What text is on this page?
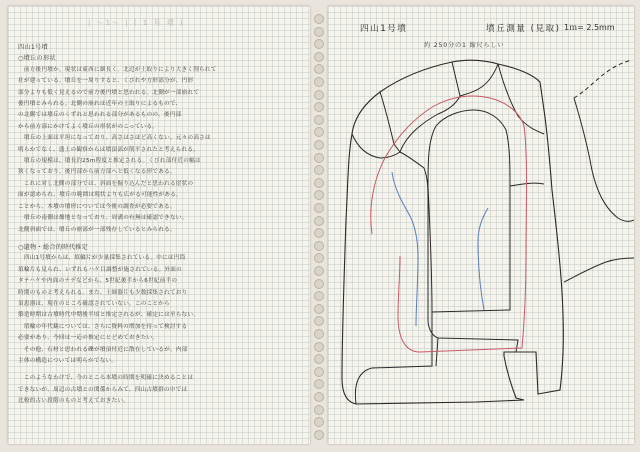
| 〜1〜 | ( 1 号 墳 )
四山1号墳
○墳丘の形状
　前方後円墳か。現状は東西に細長く、北辺が土取りにより大きく削られて
社が建っている。墳丘を一周りすると、くびれや方形部分が、円形
部分よりも低く見えるので前方後円墳と思われる。北側が一部崩れて
後円墳とみられる。北側の崩れは近年の土取りによるもので、
の北側では墳丘のくずれと思われる部分があるものの、後円部
から前方部にかけてよく墳丘の形状がのこっている。
　墳丘の上面は平坦になっており、高さはさほど高くない。元々の高さは
明らかでなく、盛土の観察からは墳頂部が削平されたと考えられる。
　墳丘の規模は、墳長約25m程度と推定される。くびれ部付近の幅は
狭くなっており、後円部から前方部へと低くなる形である。
　これに対し北側の部分では、斜面を掘り込んだと思われる崖状の
面が認められ、墳丘の範囲は現状よりも広がる可能性がある。
ことから、本墳の墳形については今後の調査が必要である。
　墳丘の南側は畑地となっており、周溝の有無は確認できない。
北側斜面では、墳丘の裾部が一部残存しているとみられる。
○遺物・総合的時代推定
　四山1号墳からは、埴輪片が少量採集されている。中には円筒
埴輪片も見られ、いずれもハケ目調整が施されている。外面の
タテハケや内面のナデなどから、5世紀後半から6世紀前半の
時期のものと考えられる。また、土師器片も少数採集されており
須恵器は、現在のところ確認されていない。このことから
築造時期は古墳時代中期後半頃と推定されるが、確定には至らない。
　埴輪の年代観については、さらに資料の増加を待って検討する
必要があり、今回は一応の推定にとどめておきたい。
　その他、石材と思われる礫が墳頂付近に散在しているが、内部
主体の構造については明らかでない。
　このようなわけで、今のところ本墳の時期を明確に決めることは
できないが、周辺の古墳との関係からみて、四山古墳群の中では
比較的古い段階のものと考えておきたい。
四山1号墳	墳丘測量 (見取) 1ｍ= 2.5mm
約 250分の1 縮尺らしい
